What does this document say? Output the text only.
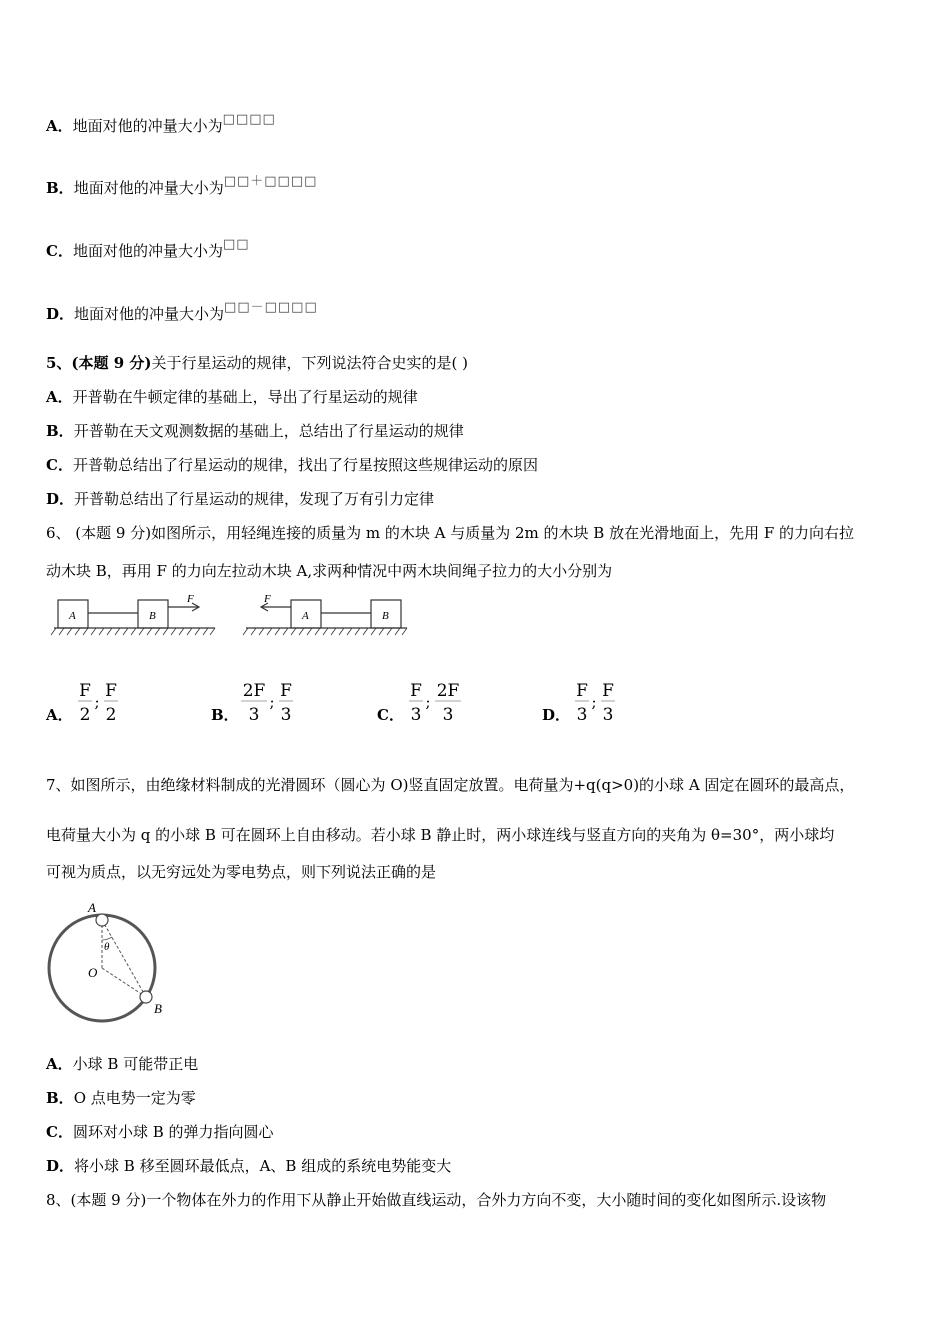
A．地面对他的冲量大小为□□□□
B．地面对他的冲量大小为□□＋□□□□
C．地面对他的冲量大小为□□
D．地面对他的冲量大小为□□－□□□□
5、(本题 9 分)关于行星运动的规律，下列说法符合史实的是( )
A．开普勒在牛顿定律的基础上，导出了行星运动的规律
B．开普勒在天文观测数据的基础上，总结出了行星运动的规律
C．开普勒总结出了行星运动的规律，找出了行星按照这些规律运动的原因
D．开普勒总结出了行星运动的规律，发现了万有引力定律
6、 (本题 9 分)如图所示，用轻绳连接的质量为 m 的木块 A 与质量为 2m 的木块 B 放在光滑地面上，先用 F 的力向右拉
动木块 B，再用 F 的力向左拉动木块 A,求两种情况中两木块间绳子拉力的大小分别为
A	B
F
A	B
F
A．
F
2
;
F
2	B．
2F
3
;
F
3	C．
F
3
;
2F
3	D．
F
3
;
F
3
7、如图所示，由绝缘材料制成的光滑圆环（圆心为 O)竖直固定放置。电荷量为+q(q>0)的小球 A 固定在圆环的最高点，
电荷量大小为 q 的小球 B 可在圆环上自由移动。若小球 B 静止时，两小球连线与竖直方向的夹角为 θ=30°，两小球均
可视为质点，以无穷远处为零电势点，则下列说法正确的是
A
B
O
θ
A．小球 B 可能带正电
B．O 点电势一定为零
C．圆环对小球 B 的弹力指向圆心
D．将小球 B 移至圆环最低点，A、B 组成的系统电势能变大
8、(本题 9 分)一个物体在外力的作用下从静止开始做直线运动，合外力方向不变，大小随时间的变化如图所示.设该物
